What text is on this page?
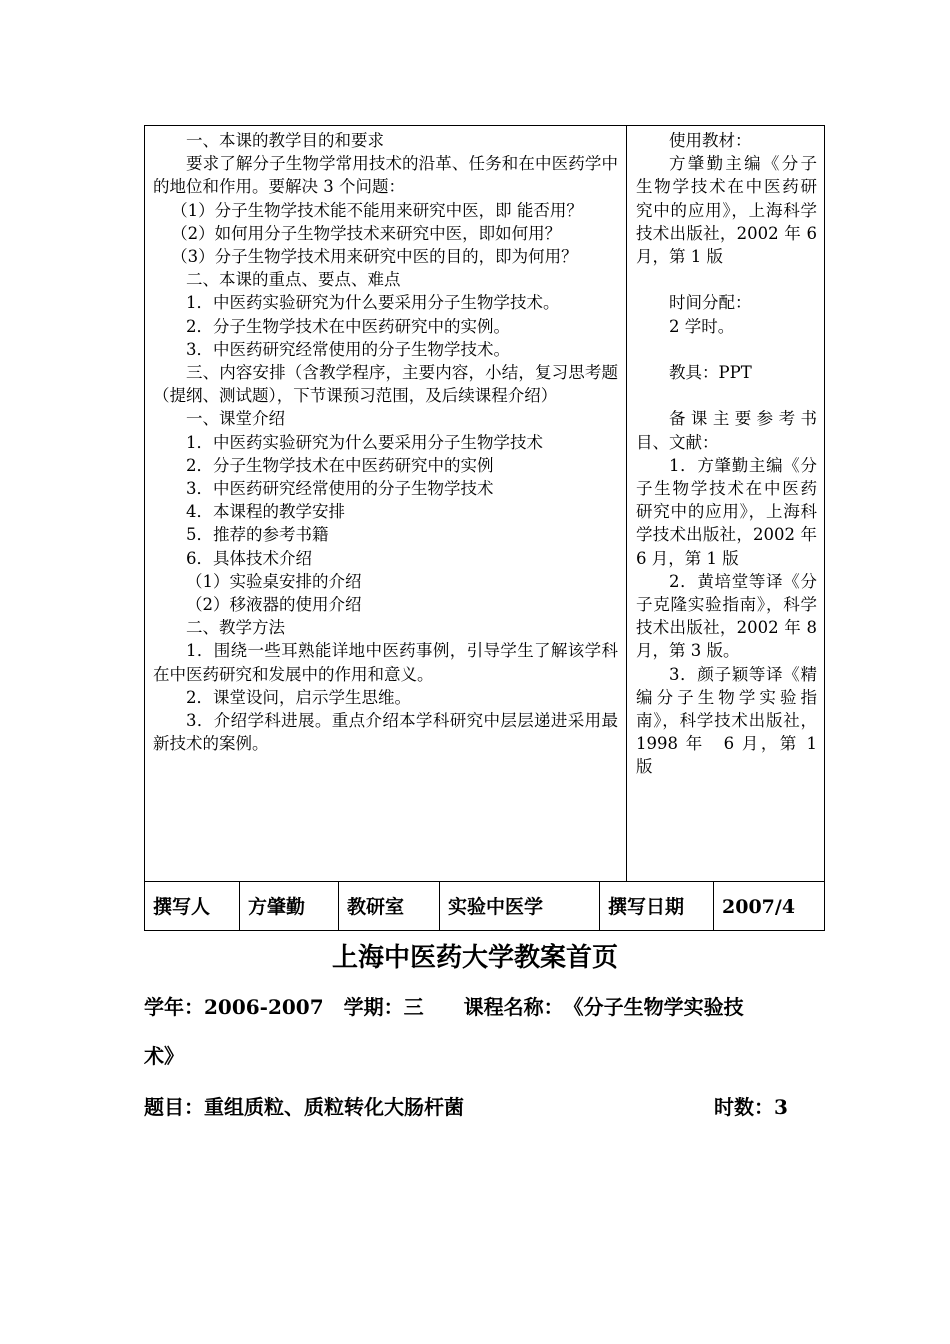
一、本课的教学目的和要求

要求了解分子生物学常用技术的沿革、任务和在中医药学中的地位和作用。要解决 3 个问题：

（1）分子生物学技术能不能用来研究中医，即 能否用？

（2）如何用分子生物学技术来研究中医，即如何用？

（3）分子生物学技术用来研究中医的目的，即为何用？

二、本课的重点、要点、难点

1．中医药实验研究为什么要采用分子生物学技术。

2．分子生物学技术在中医药研究中的实例。

3．中医药研究经常使用的分子生物学技术。

三、内容安排（含教学程序，主要内容，小结，复习思考题（提纲、测试题），下节课预习范围，及后续课程介绍）

一、课堂介绍

1．中医药实验研究为什么要采用分子生物学技术

2．分子生物学技术在中医药研究中的实例

3．中医药研究经常使用的分子生物学技术

4．本课程的教学安排

5．推荐的参考书籍

6．具体技术介绍

（1）实验桌安排的介绍

（2）移液器的使用介绍

二、教学方法

1．围绕一些耳熟能详地中医药事例，引导学生了解该学科在中医药研究和发展中的作用和意义。

2．课堂设问，启示学生思维。

3．介绍学科进展。重点介绍本学科研究中层层递进采用最新技术的案例。

使用教材：

方肇勤主编《分子生物学技术在中医药研究中的应用》，上海科学技术出版社，2002 年 6 月，第 1 版

时间分配：

2 学时。

教具：PPT

备课主要参考书目、文献：

1．方肇勤主编《分子生物学技术在中医药研究中的应用》，上海科学技术出版社，2002 年 6 月，第 1 版

2．黄培堂等译《分子克隆实验指南》，科学技术出版社，2002 年 8 月，第 3 版。

3．颜子颖等译《精编分子生物学实验指南》，科学技术出版社，1998 年　6 月，第 1 版

撰写人	方肇勤	教研室	实验中医学	撰写日期	2007/4
上海中医药大学教案首页
学年：2006-2007　学期：三　　课程名称：　《分子生物学实验技
术》
题目：重组质粒、质粒转化大肠杆菌	时数：3
